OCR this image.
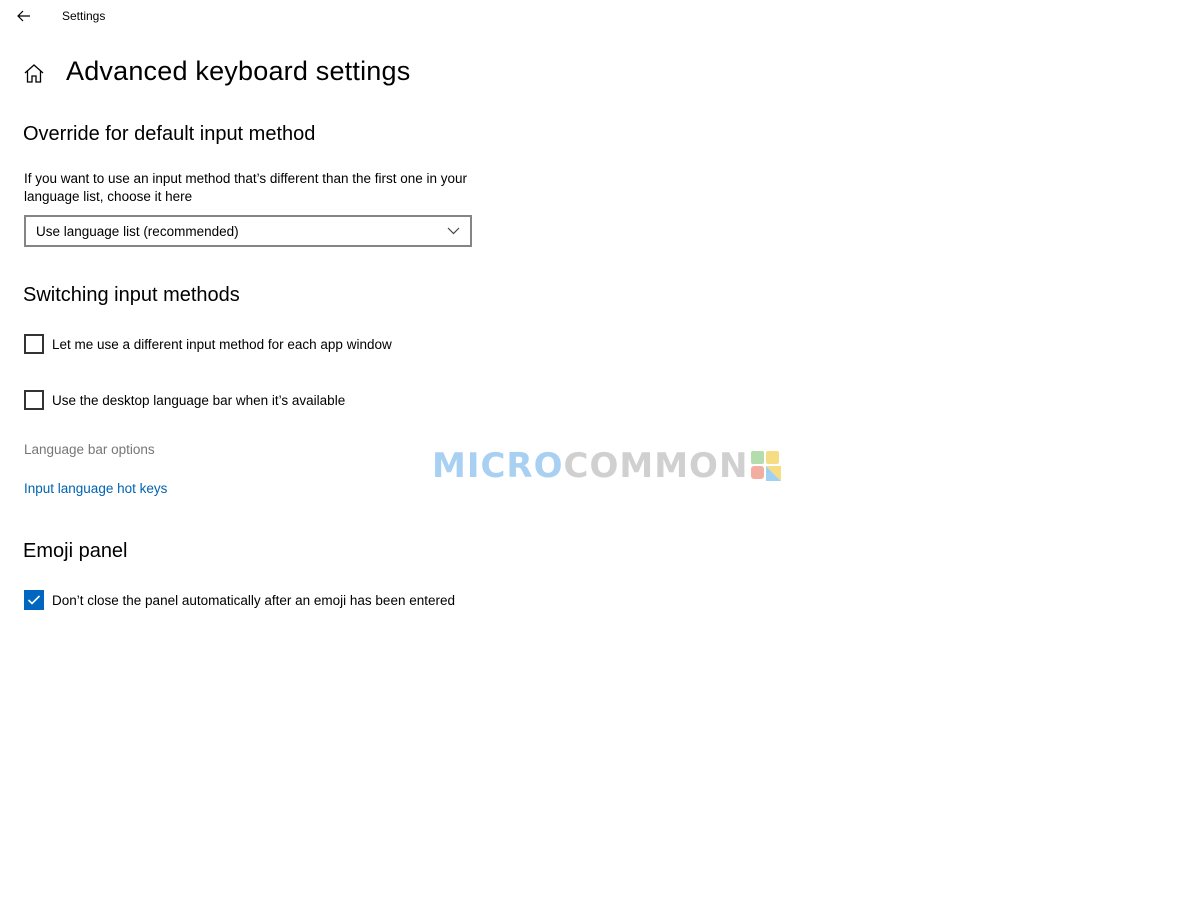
Settings
Advanced keyboard settings
Override for default input method
If you want to use an input method that’s different than the first one in your language list, choose it here
Use language list (recommended)
Switching input methods
Let me use a different input method for each app window
Use the desktop language bar when it’s available
Language bar options
Input language hot keys
Emoji panel
Don’t close the panel automatically after an emoji has been entered
MICRO COMMON
